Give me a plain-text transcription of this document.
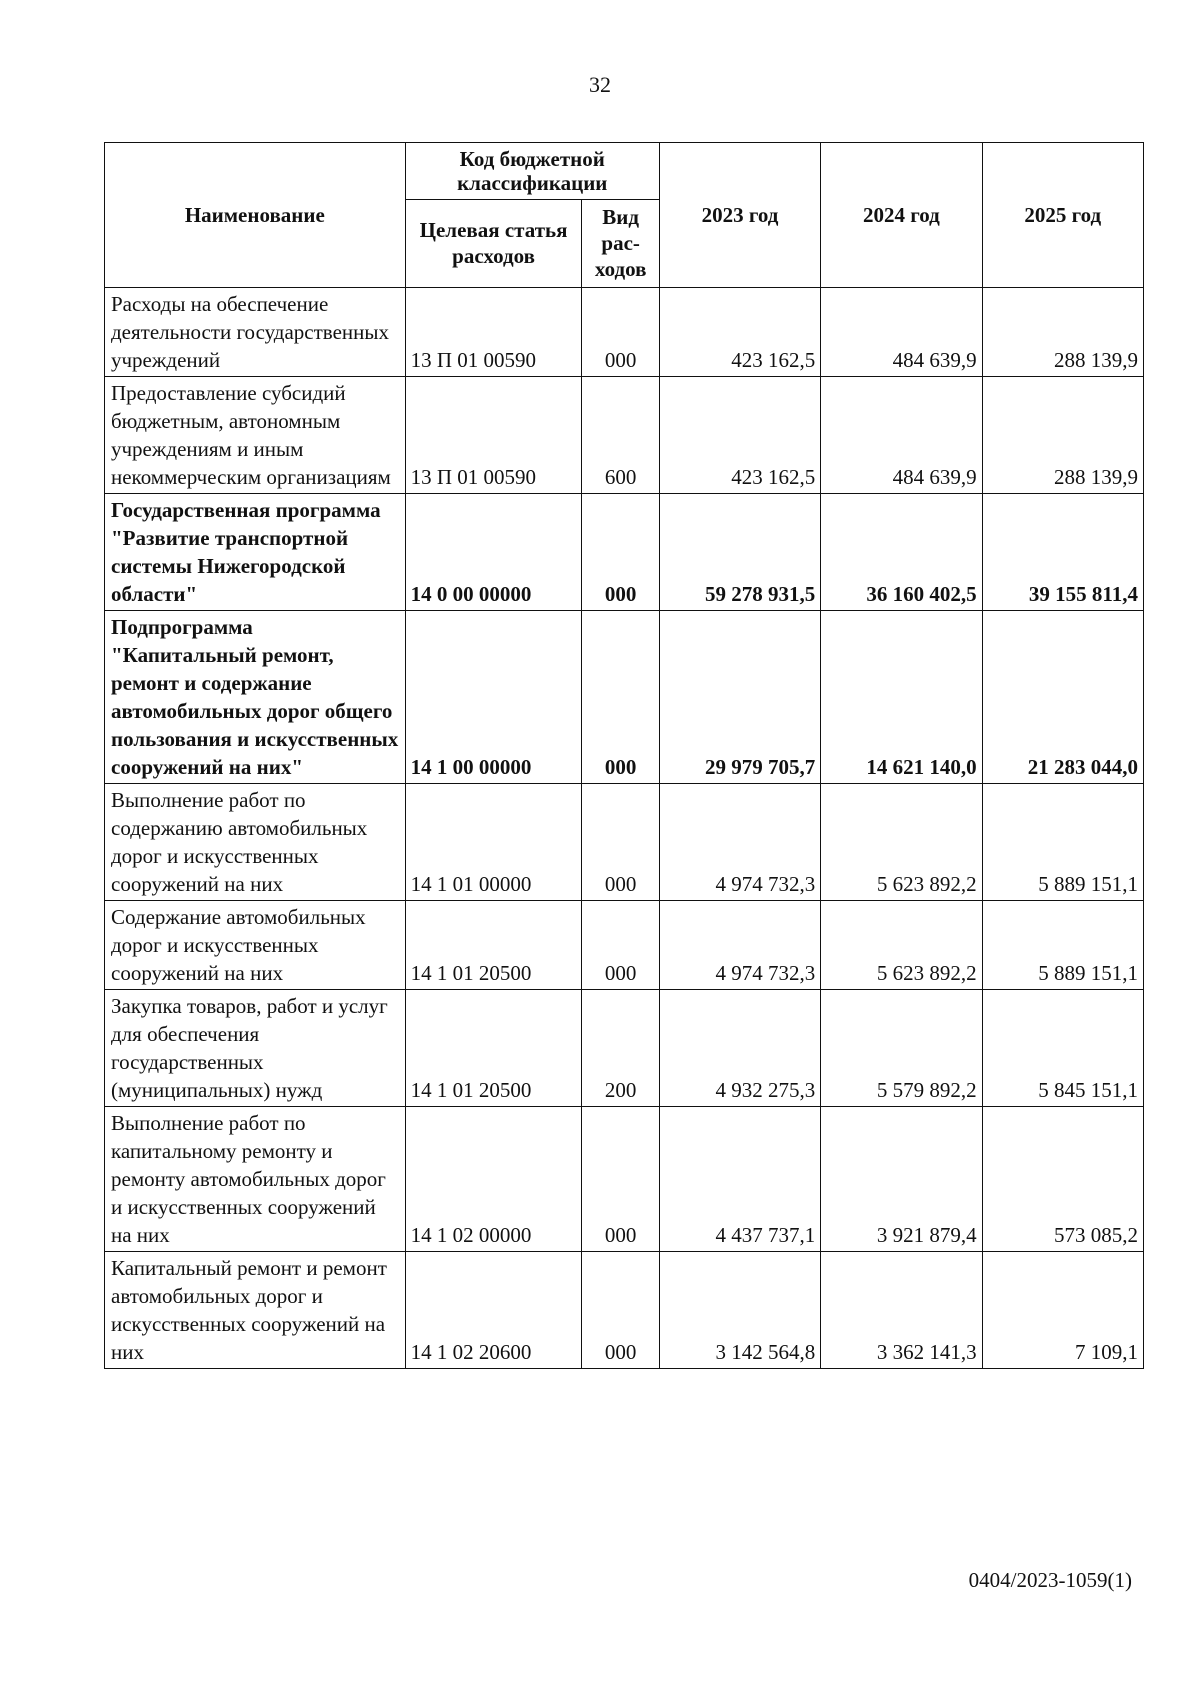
32
Наименование	Код бюджетной классификации		2023 год	2024 год	2025 год
	Целевая статья расходов	Вид рас-ходов			
Расходы на обеспечение деятельности государственных учреждений	13 П 01 00590	000	423 162,5	484 639,9	288 139,9
Предоставление субсидий бюджетным, автономным учреждениям и иным некоммерческим организациям	13 П 01 00590	600	423 162,5	484 639,9	288 139,9
Государственная программа "Развитие транспортной системы Нижегородской области"	14 0 00 00000	000	59 278 931,5	36 160 402,5	39 155 811,4
Подпрограмма "Капитальный ремонт, ремонт и содержание автомобильных дорог общего пользования и искусственных сооружений на них"	14 1 00 00000	000	29 979 705,7	14 621 140,0	21 283 044,0
Выполнение работ по содержанию автомобильных дорог и искусственных сооружений на них	14 1 01 00000	000	4 974 732,3	5 623 892,2	5 889 151,1
Содержание автомобильных дорог и искусственных сооружений на них	14 1 01 20500	000	4 974 732,3	5 623 892,2	5 889 151,1
Закупка товаров, работ и услуг для обеспечения государственных (муниципальных) нужд	14 1 01 20500	200	4 932 275,3	5 579 892,2	5 845 151,1
Выполнение работ по капитальному ремонту и ремонту автомобильных дорог и искусственных сооружений на них	14 1 02 00000	000	4 437 737,1	3 921 879,4	573 085,2
Капитальный ремонт и ремонт автомобильных дорог и искусственных сооружений на них	14 1 02 20600	000	3 142 564,8	3 362 141,3	7 109,1
0404/2023-1059(1)
